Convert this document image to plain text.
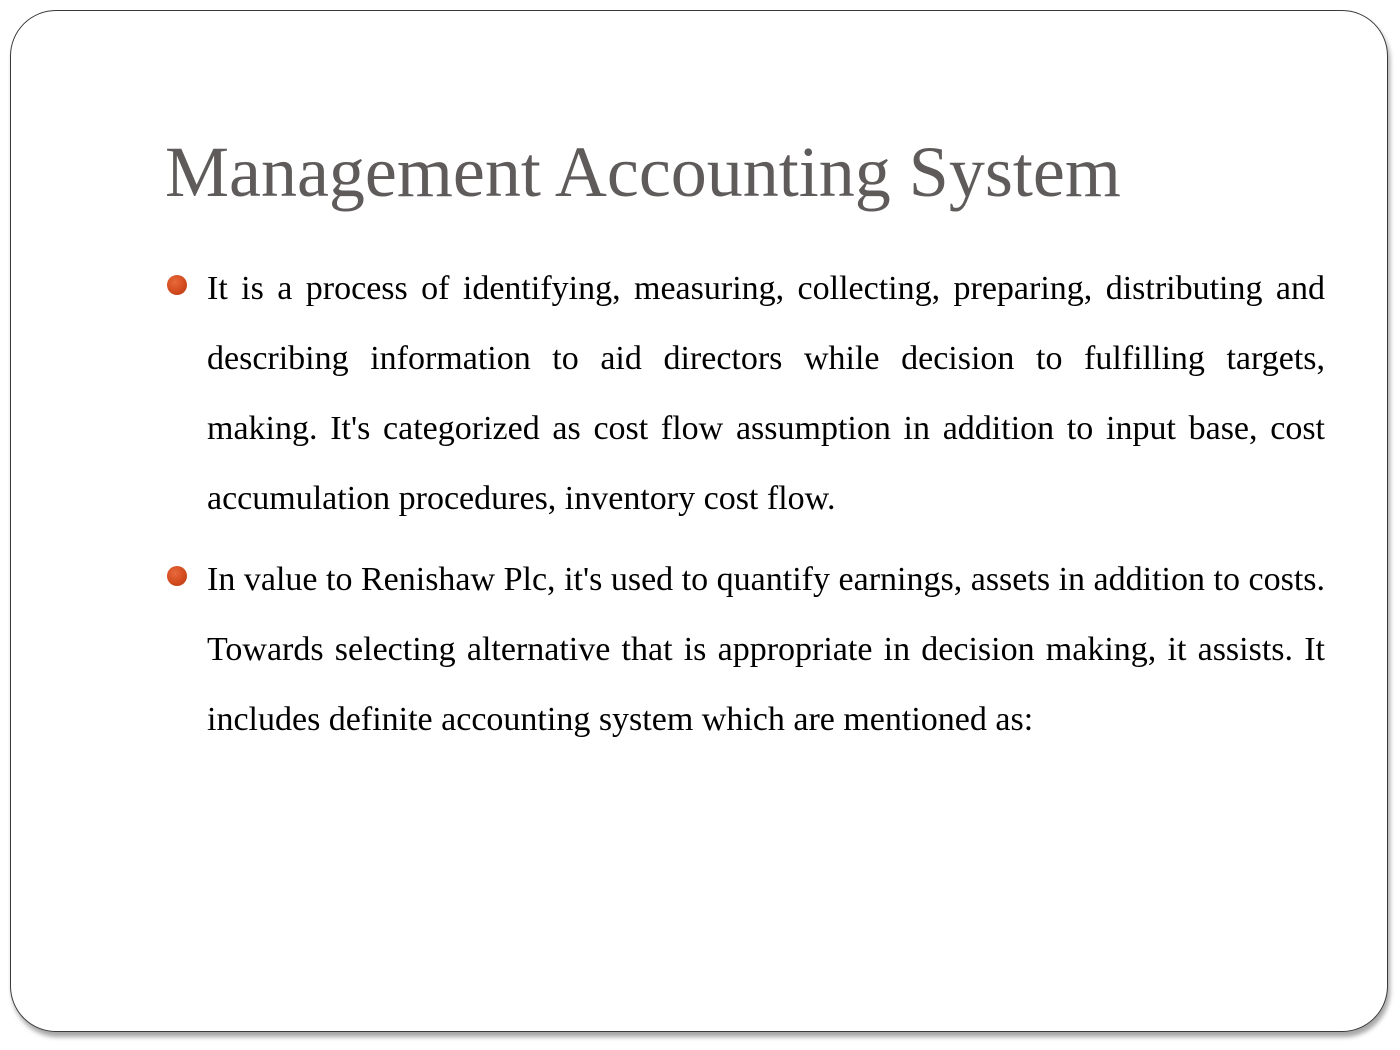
Management Accounting System

It is a process of identifying, measuring, collecting, preparing, distributing and describing information to aid directors while decision to fulfilling targets, making. It's categorized as cost flow assumption in addition to input base, cost accumulation procedures, inventory cost flow.

In value to Renishaw Plc, it's used to quantify earnings, assets in addition to costs. Towards selecting alternative that is appropriate in decision making, it assists. It includes definite accounting system which are mentioned as:
